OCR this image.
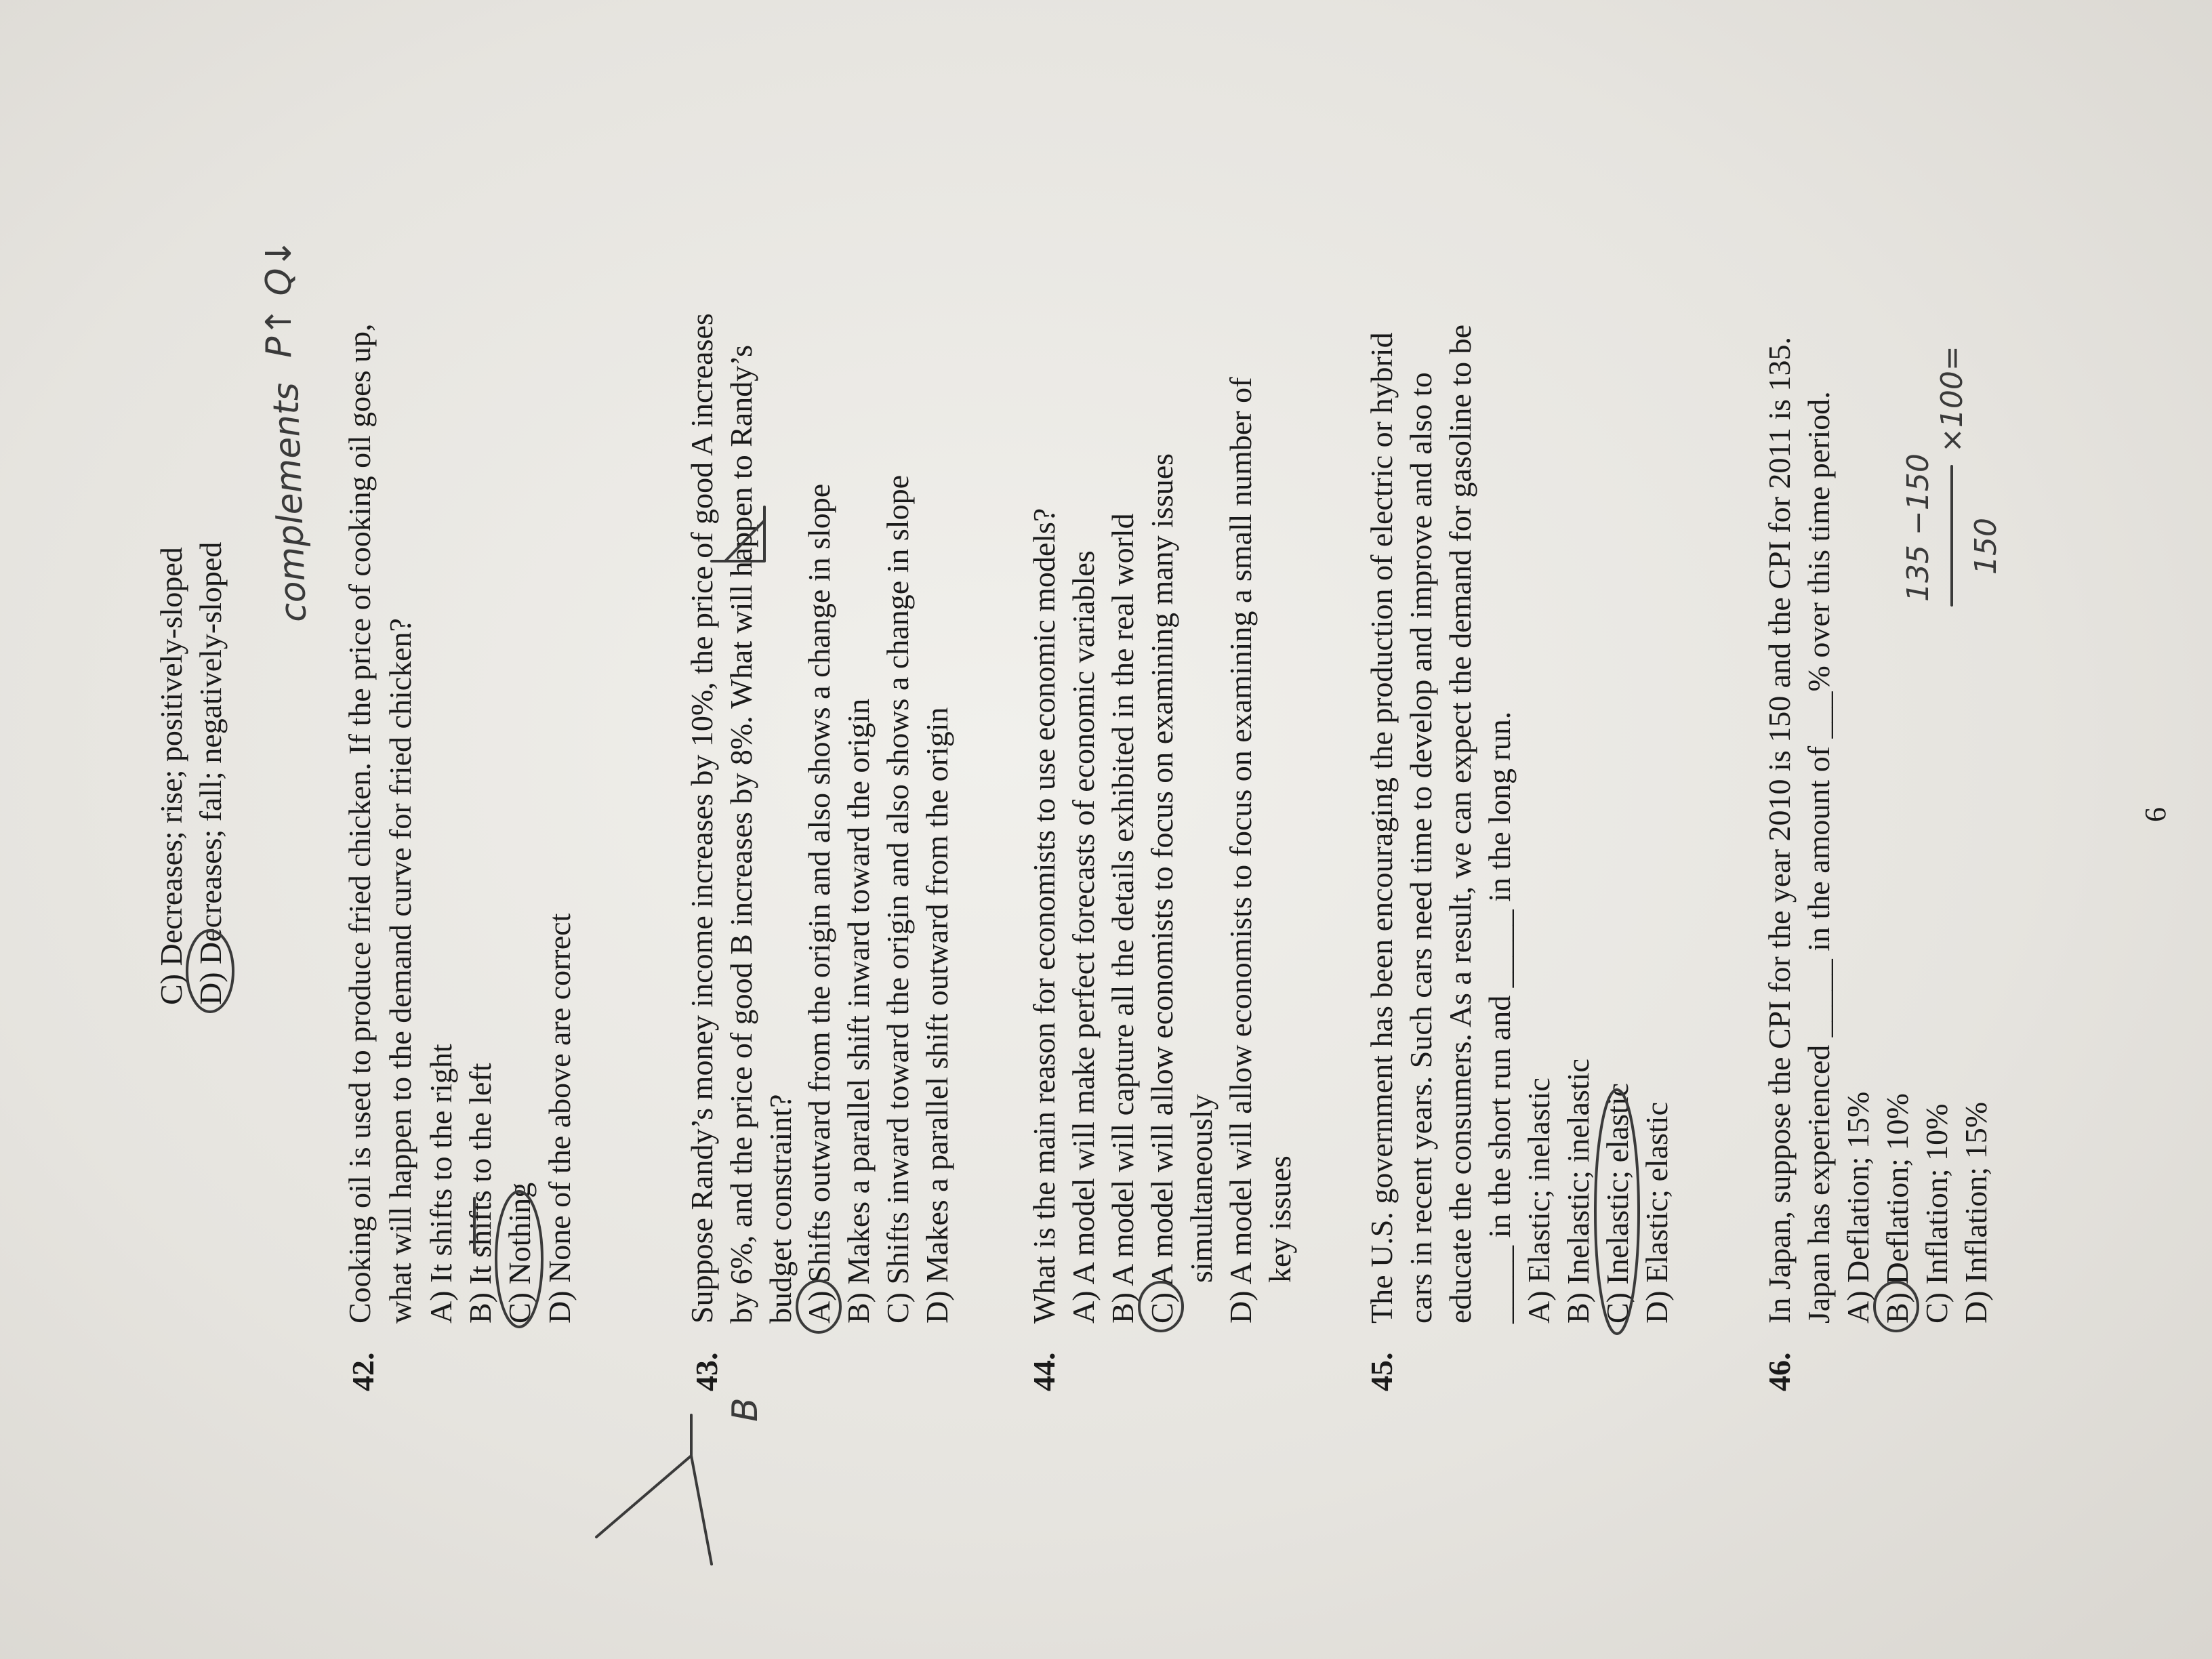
C) Decreases; rise; positively-sloped D) Decreases; fall; negatively-sloped
complements
P↑ Q↓
42.
Cooking oil is used to produce fried chicken. If the price of cooking oil goes up, what will happen to the demand curve for fried chicken? A) It shifts to the right B) It shifts to the left C) Nothing D) None of the above are correct
43.
B
Suppose Randy’s money income increases by 10%, the price of good A increases by 6%, and the price of good B increases by 8%. What will happen to Randy’s budget constraint? A) Shifts outward from the origin and also shows a change in slope B) Makes a parallel shift inward toward the origin C) Shifts inward toward the origin and also shows a change in slope D) Makes a parallel shift outward from the origin
44.
What is the main reason for economists to use economic models? A) A model will make perfect forecasts of economic variables B) A model will capture all the details exhibited in the real world C) A model will allow economists to focus on examining many issues simultaneously D) A model will allow economists to focus on examining a small number of key issues
45.
The U.S. government has been encouraging the production of electric or hybrid cars in recent years. Such cars need time to develop and improve and also to educate the consumers. As a result, we can expect the demand for gasoline to be _____ in the short run and _____ in the long run. A) Elastic; inelastic B) Inelastic; inelastic C) Inelastic; elastic D) Elastic; elastic
46.
In Japan, suppose the CPI for the year 2010 is 150 and the CPI for 2011 is 135. Japan has experienced _____ in the amount of ___% over this time period. A) Deflation; 15% B) Deflation; 10% C) Inflation; 10% D) Inflation; 15%
135 −150 150
×100=
6
